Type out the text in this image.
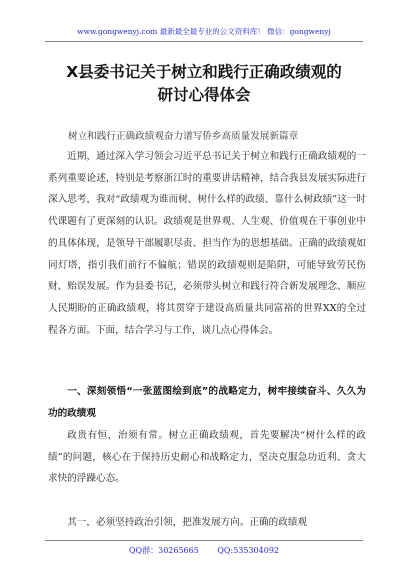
www.gongwenyj.com 最新最全最专业的公文资料库！ 微信：gongwenyj
X县委书记关于树立和践行正确政绩观的
研讨心得体会
树立和践行正确政绩观奋力谱写侨乡高质量发展新篇章
近期，通过深入学习领会习近平总书记关于树立和践行正确政绩观的一系列重要论述，特别是考察浙江时的重要讲话精神，结合我县发展实际进行深入思考，我对“政绩观为谁而树、树什么样的政绩、靠什么树政绩”这一时代课题有了更深刻的认识。政绩观是世界观、人生观、价值观在干事创业中的具体体现，是领导干部履职尽责、担当作为的思想基础。正确的政绩观如同灯塔，指引我们前行不偏航；错误的政绩观则是陷阱，可能导致劳民伤财、贻误发展。作为县委书记，必须带头树立和践行符合新发展理念、顺应人民期盼的正确政绩观，将其贯穿于建设高质量共同富裕的世界XX的全过程各方面。下面，结合学习与工作，谈几点心得体会。
一、深刻领悟“一张蓝图绘到底”的战略定力，树牢接续奋斗、久久为功的政绩观
政贵有恒，治须有常。树立正确政绩观，首先要解决“树什么样的政绩”的问题，核心在于保持历史耐心和战略定力，坚决克服急功近利、贪大求快的浮躁心态。
其一，必须坚持政治引领，把准发展方向。正确的政绩观
QQ群：30265665 QQ:535304092
